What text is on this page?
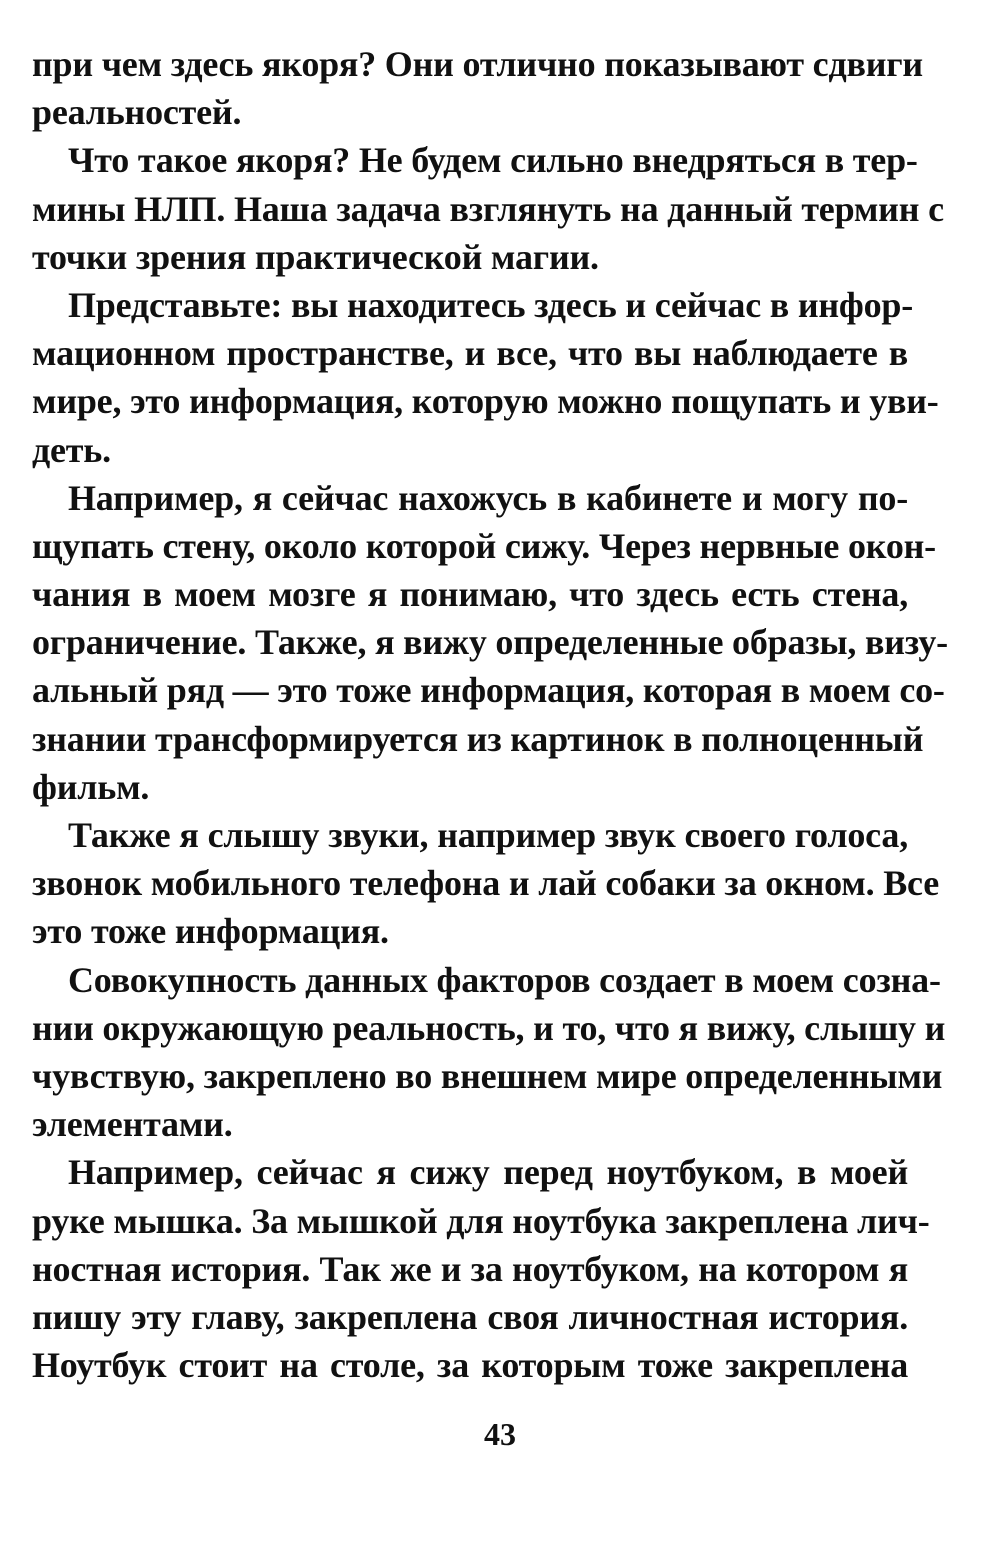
при чем здесь якоря? Они отлично показывают сдвиги
реальностей.
Что такое якоря? Не будем сильно внедряться в тер-
мины НЛП. Наша задача взглянуть на данный термин с
точки зрения практической магии.
Представьте: вы находитесь здесь и сейчас в инфор-
мационном пространстве, и все, что вы наблюдаете в
мире, это информация, которую можно пощупать и уви-
деть.
Например, я сейчас нахожусь в кабинете и могу по-
щупать стену, около которой сижу. Через нервные окон-
чания в моем мозге я понимаю, что здесь есть стена,
ограничение. Также, я вижу определенные образы, визу-
альный ряд — это тоже информация, которая в моем со-
знании трансформируется из картинок в полноценный
фильм.
Также я слышу звуки, например звук своего голоса,
звонок мобильного телефона и лай собаки за окном. Все
это тоже информация.
Совокупность данных факторов создает в моем созна-
нии окружающую реальность, и то, что я вижу, слышу и
чувствую, закреплено во внешнем мире определенными
элементами.
Например, сейчас я сижу перед ноутбуком, в моей
руке мышка. За мышкой для ноутбука закреплена лич-
ностная история. Так же и за ноутбуком, на котором я
пишу эту главу, закреплена своя личностная история.
Ноутбук стоит на столе, за которым тоже закреплена
43
